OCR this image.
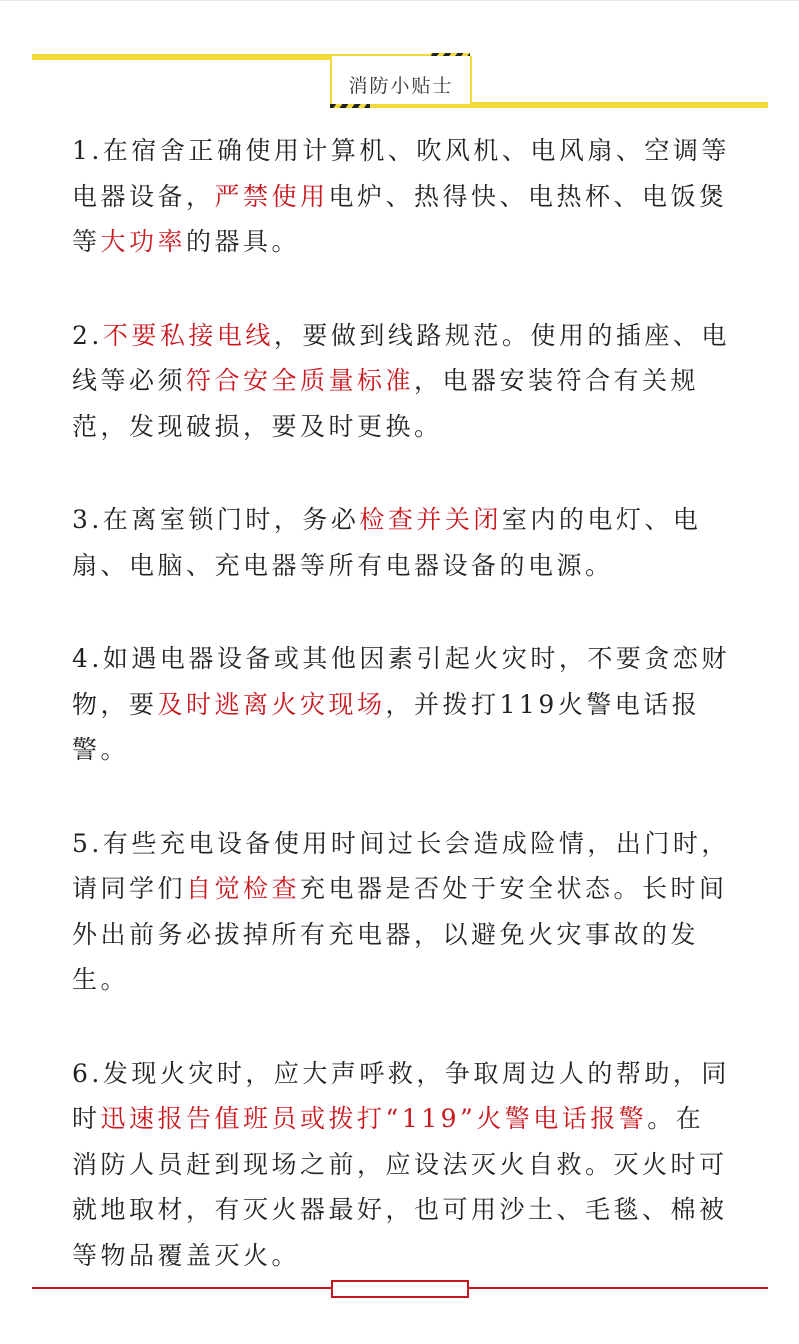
消防小贴士

1.在宿舍正确使用计算机、吹风机、电风扇、空调等电器设备，严禁使用电炉、热得快、电热杯、电饭煲等大功率的器具。

2.不要私接电线，要做到线路规范。使用的插座、电线等必须符合安全质量标准，电器安装符合有关规范，发现破损，要及时更换。

3.在离室锁门时，务必检查并关闭室内的电灯、电扇、电脑、充电器等所有电器设备的电源。

4.如遇电器设备或其他因素引起火灾时，不要贪恋财物，要及时逃离火灾现场，并拨打119火警电话报警。

5.有些充电设备使用时间过长会造成险情，出门时，请同学们自觉检查充电器是否处于安全状态。长时间外出前务必拔掉所有充电器，以避免火灾事故的发生。

6.发现火灾时，应大声呼救，争取周边人的帮助，同时迅速报告值班员或拨打“119”火警电话报警。在消防人员赶到现场之前，应设法灭火自救。灭火时可就地取材，有灭火器最好，也可用沙土、毛毯、棉被等物品覆盖灭火。
